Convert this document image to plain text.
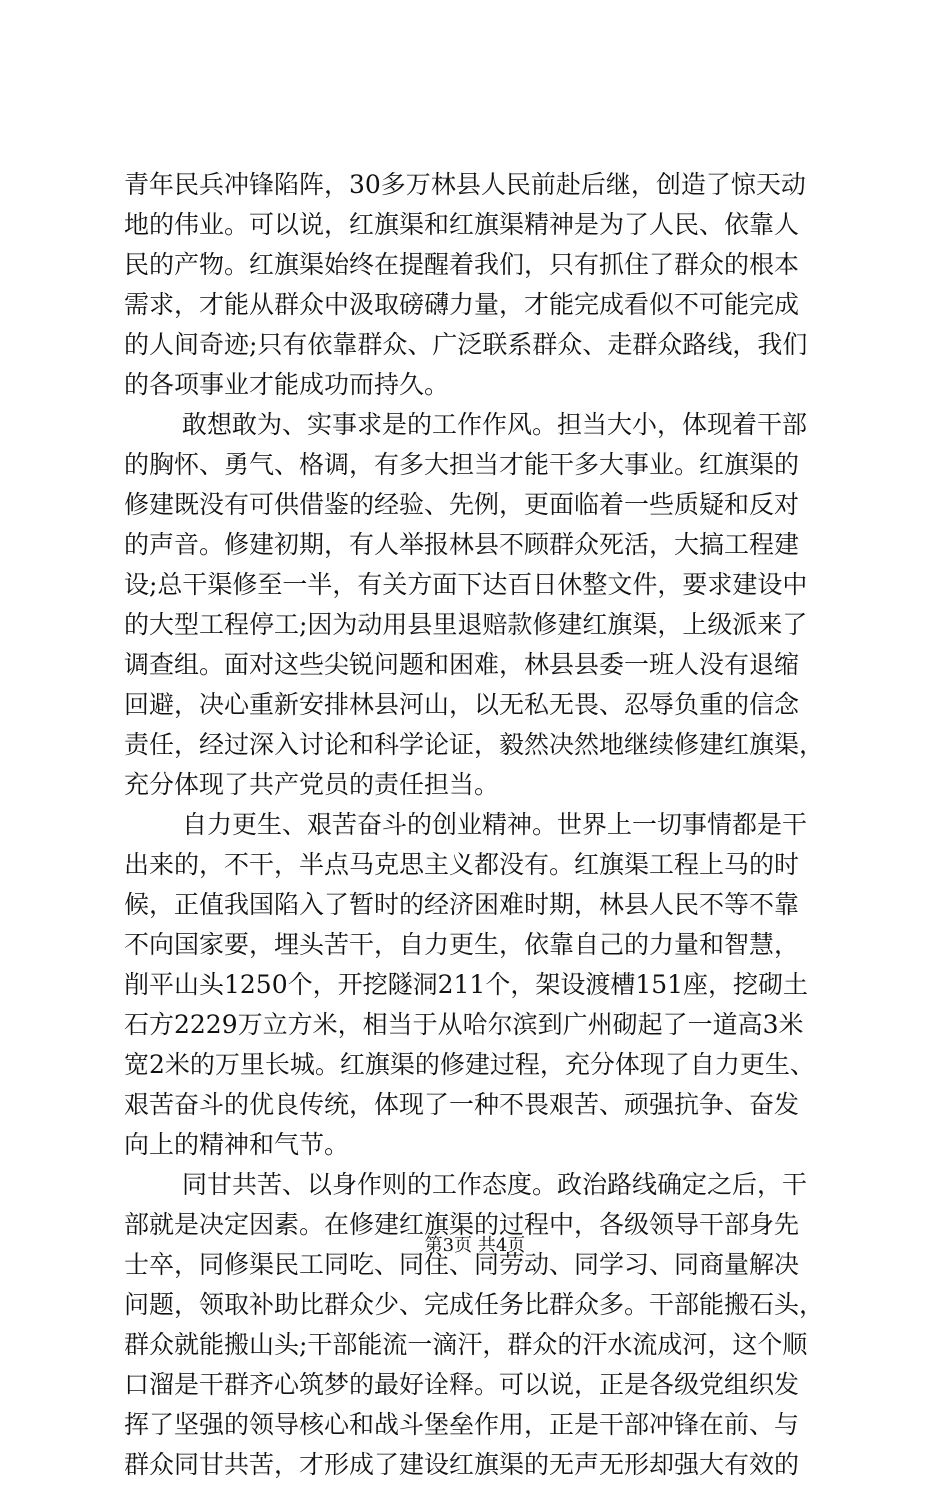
青年民兵冲锋陷阵，30多万林县人民前赴后继，创造了惊天动
地的伟业。可以说，红旗渠和红旗渠精神是为了人民、依靠人
民的产物。红旗渠始终在提醒着我们，只有抓住了群众的根本
需求，才能从群众中汲取磅礴力量，才能完成看似不可能完成
的人间奇迹;只有依靠群众、广泛联系群众、走群众路线，我们
的各项事业才能成功而持久。
敢想敢为、实事求是的工作作风。担当大小，体现着干部
的胸怀、勇气、格调，有多大担当才能干多大事业。红旗渠的
修建既没有可供借鉴的经验、先例，更面临着一些质疑和反对
的声音。修建初期，有人举报林县不顾群众死活，大搞工程建
设;总干渠修至一半，有关方面下达百日休整文件，要求建设中
的大型工程停工;因为动用县里退赔款修建红旗渠，上级派来了
调查组。面对这些尖锐问题和困难，林县县委一班人没有退缩
回避，决心重新安排林县河山，以无私无畏、忍辱负重的信念
责任，经过深入讨论和科学论证，毅然决然地继续修建红旗渠，
充分体现了共产党员的责任担当。
自力更生、艰苦奋斗的创业精神。世界上一切事情都是干
出来的，不干，半点马克思主义都没有。红旗渠工程上马的时
候，正值我国陷入了暂时的经济困难时期，林县人民不等不靠
不向国家要，埋头苦干，自力更生，依靠自己的力量和智慧，
削平山头1250个，开挖隧洞211个，架设渡槽151座，挖砌土
石方2229万立方米，相当于从哈尔滨到广州砌起了一道高3米
宽2米的万里长城。红旗渠的修建过程，充分体现了自力更生、
艰苦奋斗的优良传统，体现了一种不畏艰苦、顽强抗争、奋发
向上的精神和气节。
同甘共苦、以身作则的工作态度。政治路线确定之后，干
部就是决定因素。在修建红旗渠的过程中，各级领导干部身先
士卒，同修渠民工同吃、同住、同劳动、同学习、同商量解决
问题，领取补助比群众少、完成任务比群众多。干部能搬石头，
群众就能搬山头;干部能流一滴汗，群众的汗水流成河，这个顺
口溜是干群齐心筑梦的最好诠释。可以说，正是各级党组织发
挥了坚强的领导核心和战斗堡垒作用，正是干部冲锋在前、与
群众同甘共苦，才形成了建设红旗渠的无声无形却强大有效的
第3页 共4页
